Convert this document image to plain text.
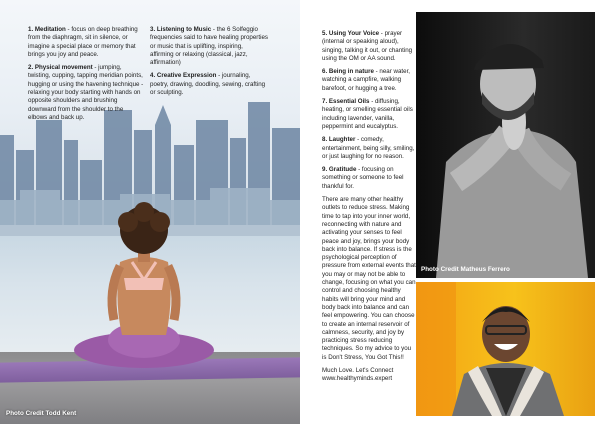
1. Meditation - focus on deep breathing from the diaphragm, sit in silence, or imagine a special place or memory that brings you joy and peace.

2. Physical movement - jumping, twisting, cupping, tapping meridian points, hugging or using the havening technique - relaxing your body starting with hands on opposite shoulders and brushing downward from the shoulder to the elbows and back up.

3. Listening to Music - the 6 Solfeggio frequencies said to have healing properties or music that is uplifting, inspiring, affirming or relaxing (classical, jazz, affirmation)

4. Creative Expression - journaling, poetry, drawing, doodling, sewing, crafting or sculpting.

Photo Credit Todd Kent

5. Using Your Voice - prayer (internal or speaking aloud), singing, talking it out, or chanting using the OM or AA sound.

6. Being in nature - near water, watching a campfire, walking barefoot, or hugging a tree.

7. Essential Oils - diffusing, heating, or smelling essential oils including lavender, vanilla, peppermint and eucalyptus.

8. Laughter - comedy, entertainment, being silly, smiling, or just laughing for no reason.

9. Gratitude - focusing on something or someone to feel thankful for.

There are many other healthy outlets to reduce stress. Making time to tap into your inner world, reconnecting with nature and activating your senses to feel peace and joy, brings your body back into balance. If stress is the psychological perception of pressure from external events that you may or may not be able to change, focusing on what you can control and choosing healthy habits will bring your mind and body back into balance and can feel empowering. You can choose to create an internal reservoir of calmness, security, and joy by practicing stress reducing techniques. So my advice to you is Don't Stress, You Got This!!

Much Love. Let's Connect

www.healthyminds.expert

Photo Credit Matheus Ferrero
